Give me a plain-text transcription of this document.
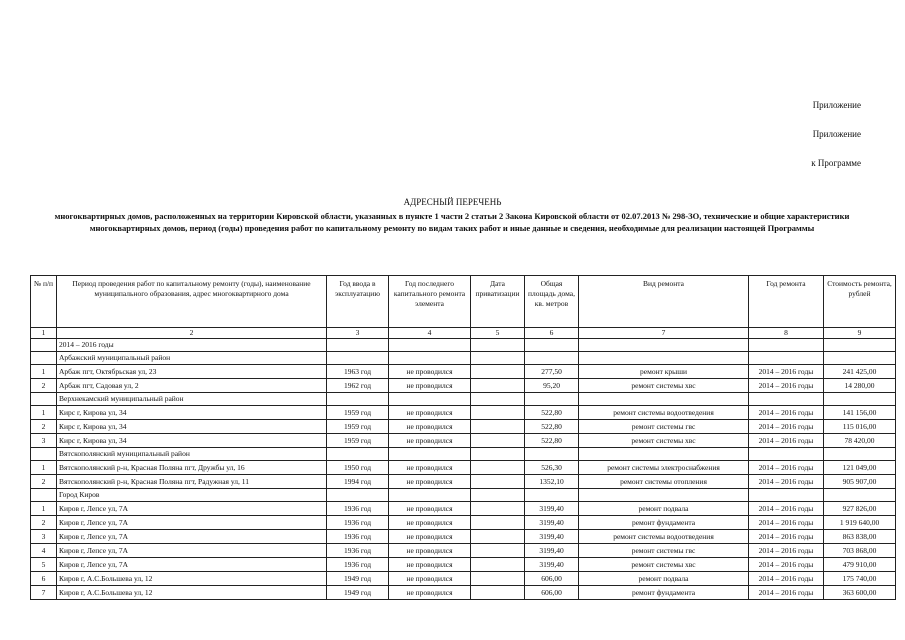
Приложение
Приложение
к Программе
АДРЕСНЫЙ ПЕРЕЧЕНЬ
многоквартирных домов, расположенных на территории Кировской области, указанных в пункте 1 части 2 статьи 2 Закона Кировской области от 02.07.2013 № 298-ЗО, технические и общие характеристики многоквартирных домов, период (годы) проведения работ по капитальному ремонту по видам таких работ и иные данные и сведения, необходимые для реализации настоящей Программы
№ п/п	Период проведения работ по капитальному ремонту (годы), наименование муниципального образования, адрес многоквартирного дома	Год ввода в эксплуатацию	Год последнего капитального ремонта элемента	Дата приватизации	Общая площадь дома, кв. метров	Вид ремонта	Год ремонта	Стоимость ремонта, рублей
1	2	3	4	5	6	7	8	9
	2014 – 2016 годы							
	Арбажский муниципальный район							
1	Арбаж пгт, Октябрьская ул, 23	1963 год	не проводился		277,50	ремонт крыши	2014 – 2016 годы	241 425,00
2	Арбаж пгт, Садовая ул, 2	1962 год	не проводился		95,20	ремонт системы хвс	2014 – 2016 годы	14 280,00
	Верхнекамский муниципальный район							
1	Кирс г, Кирова ул, 34	1959 год	не проводился		522,80	ремонт системы водоотведения	2014 – 2016 годы	141 156,00
2	Кирс г, Кирова ул, 34	1959 год	не проводился		522,80	ремонт системы гвс	2014 – 2016 годы	115 016,00
3	Кирс г, Кирова ул, 34	1959 год	не проводился		522,80	ремонт системы хвс	2014 – 2016 годы	78 420,00
	Вятскополянский муниципальный район							
1	Вятскополянский р-н, Красная Поляна пгт, Дружбы ул, 16	1950 год	не проводился		526,30	ремонт системы электроснабжения	2014 – 2016 годы	121 049,00
2	Вятскополянский р-н, Красная Поляна пгт, Радужная ул, 11	1994 год	не проводился		1352,10	ремонт системы отопления	2014 – 2016 годы	905 907,00
	Город Киров							
1	Киров г, Лепсе ул, 7А	1936 год	не проводился		3199,40	ремонт подвала	2014 – 2016 годы	927 826,00
2	Киров г, Лепсе ул, 7А	1936 год	не проводился		3199,40	ремонт фундамента	2014 – 2016 годы	1 919 640,00
3	Киров г, Лепсе ул, 7А	1936 год	не проводился		3199,40	ремонт системы водоотведения	2014 – 2016 годы	863 838,00
4	Киров г, Лепсе ул, 7А	1936 год	не проводился		3199,40	ремонт системы гвс	2014 – 2016 годы	703 868,00
5	Киров г, Лепсе ул, 7А	1936 год	не проводился		3199,40	ремонт системы хвс	2014 – 2016 годы	479 910,00
6	Киров г, А.С.Большева ул, 12	1949 год	не проводился		606,00	ремонт подвала	2014 – 2016 годы	175 740,00
7	Киров г, А.С.Большева ул, 12	1949 год	не проводился		606,00	ремонт фундамента	2014 – 2016 годы	363 600,00
